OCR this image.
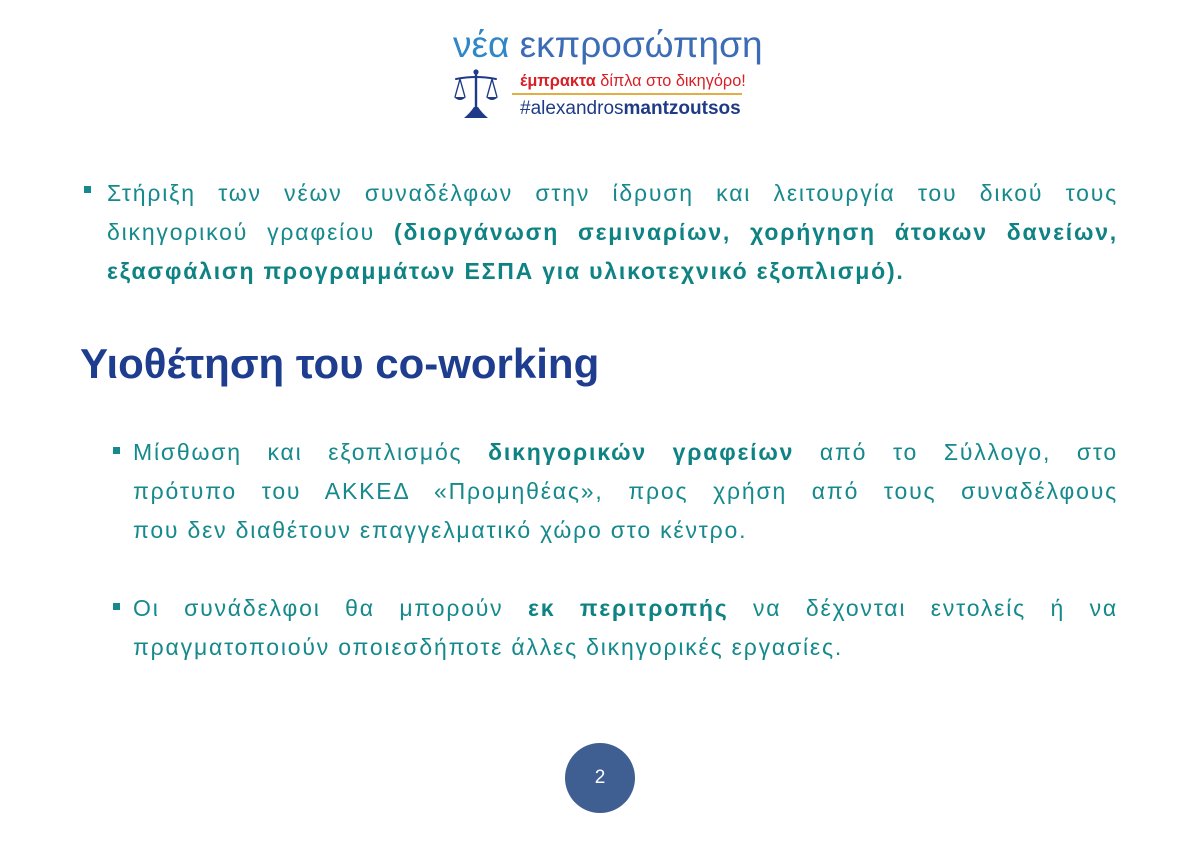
νέα εκπροσώπηση
έμπρακτα δίπλα στο δικηγόρο!
#alexandrosmantzoutsos
Στήριξη των νέων συναδέλφων στην ίδρυση και λειτουργία του δικού τους
δικηγορικού γραφείου (διοργάνωση σεμιναρίων, χορήγηση άτοκων δανείων,
εξασφάλιση προγραμμάτων ΕΣΠΑ για υλικοτεχνικό εξοπλισμό).
Υιοθέτηση του co-working
Μίσθωση και εξοπλισμός δικηγορικών γραφείων από το Σύλλογο, στο
πρότυπο του ΑΚΚΕΔ «Προμηθέας», προς χρήση από τους συναδέλφους
που δεν διαθέτουν επαγγελματικό χώρο στο κέντρο.
Οι συνάδελφοι θα μπορούν εκ περιτροπής να δέχονται εντολείς ή να
πραγματοποιούν οποιεσδήποτε άλλες δικηγορικές εργασίες.
2
